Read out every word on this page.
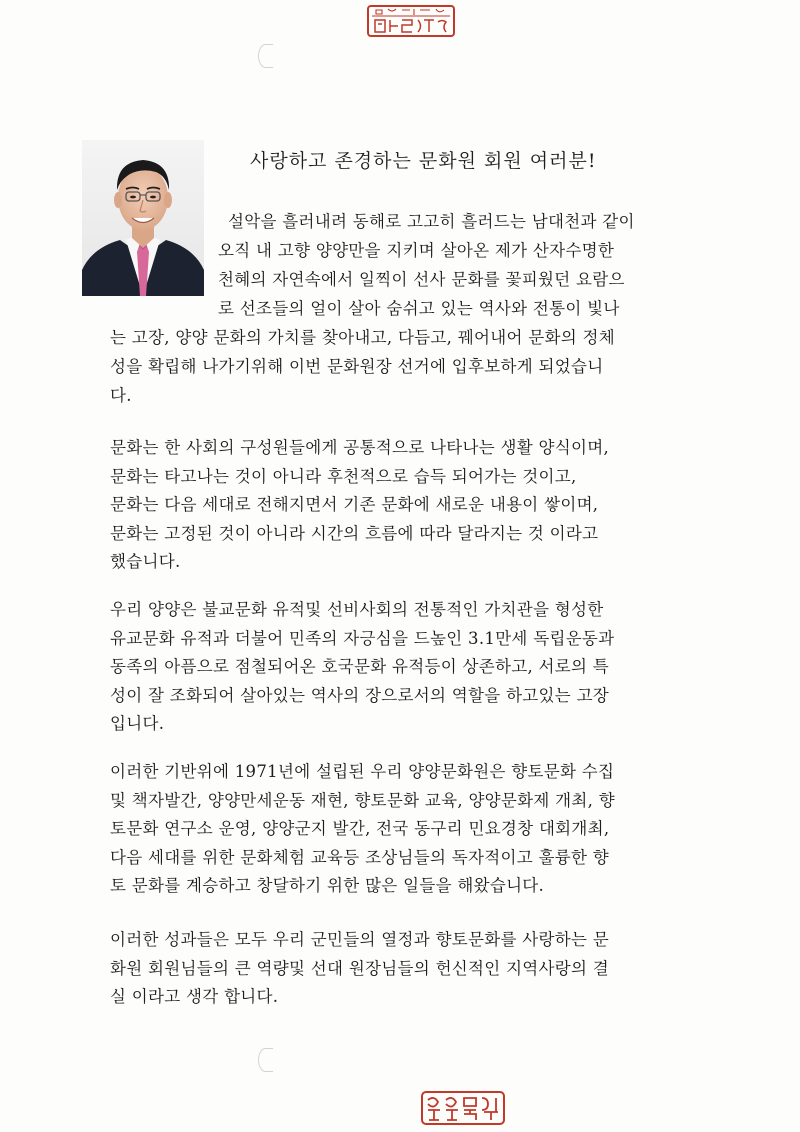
사랑하고 존경하는 문화원 회원 여러분!
설악을 흘러내려 동해로 고고히 흘러드는 남대천과 같이
오직 내 고향 양양만을 지키며 살아온 제가 산자수명한
천혜의 자연속에서 일찍이 선사 문화를 꽃피웠던 요람으
로 선조들의 얼이 살아 숨쉬고 있는 역사와 전통이 빛나
는 고장, 양양 문화의 가치를 찾아내고, 다듬고, 꿰어내어 문화의 정체
성을 확립해 나가기위해 이번 문화원장 선거에 입후보하게 되었습니
다.
문화는 한 사회의 구성원들에게 공통적으로 나타나는 생활 양식이며,
문화는 타고나는 것이 아니라 후천적으로 습득 되어가는 것이고,
문화는 다음 세대로 전해지면서 기존 문화에 새로운 내용이 쌓이며,
문화는 고정된 것이 아니라 시간의 흐름에 따라 달라지는 것 이라고
했습니다.
우리 양양은 불교문화 유적및 선비사회의 전통적인 가치관을 형성한
유교문화 유적과 더불어 민족의 자긍심을 드높인 3.1만세 독립운동과
동족의 아픔으로 점철되어온 호국문화 유적등이 상존하고, 서로의 특
성이 잘 조화되어 살아있는 역사의 장으로서의 역할을 하고있는 고장
입니다.
이러한 기반위에 1971년에 설립된 우리 양양문화원은 향토문화 수집
및 책자발간, 양양만세운동 재현, 향토문화 교육, 양양문화제 개최, 향
토문화 연구소 운영, 양양군지 발간, 전국 동구리 민요경창 대회개최,
다음 세대를 위한 문화체험 교육등 조상님들의 독자적이고 훌륭한 향
토 문화를 계승하고 창달하기 위한 많은 일들을 해왔습니다.
이러한 성과들은 모두 우리 군민들의 열정과 향토문화를 사랑하는 문
화원 회원님들의 큰 역량및 선대 원장님들의 헌신적인 지역사랑의 결
실 이라고 생각 합니다.
